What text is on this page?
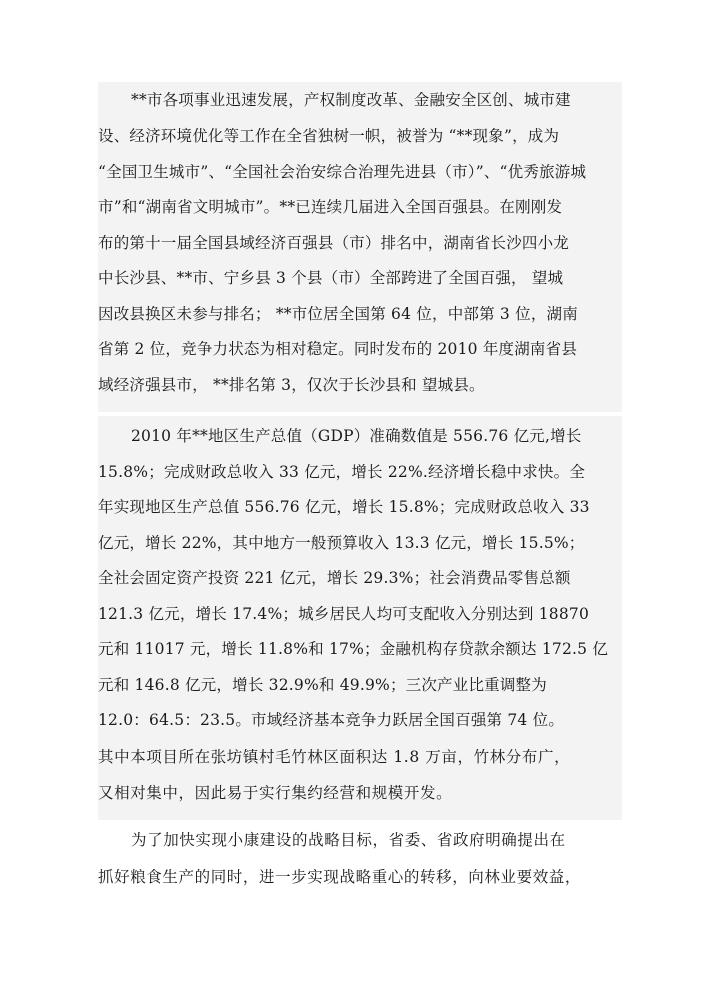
**市各项事业迅速发展，产权制度改革、金融安全区创、城市建
设、经济环境优化等工作在全省独树一帜，被誉为 “**现象”，成为
“全国卫生城市”、“全国社会治安综合治理先进县（市）”、“优秀旅游城
市”和“湖南省文明城市”。**已连续几届进入全国百强县。在刚刚发
布的第十一届全国县域经济百强县（市）排名中，湖南省长沙四小龙
中长沙县、**市、宁乡县 3 个县（市）全部跨进了全国百强， 望城
因改县换区未参与排名； **市位居全国第 64 位，中部第 3 位，湖南
省第 2 位，竞争力状态为相对稳定。同时发布的 2010 年度湖南省县
域经济强县市， **排名第 3，仅次于长沙县和 望城县。
2010 年**地区生产总值（GDP）准确数值是 556.76 亿元,增长
15.8%；完成财政总收入 33 亿元，增长 22%.经济增长稳中求快。全
年实现地区生产总值 556.76 亿元，增长 15.8%；完成财政总收入 33
亿元，增长 22%，其中地方一般预算收入 13.3 亿元，增长 15.5%；
全社会固定资产投资 221 亿元，增长 29.3%；社会消费品零售总额
121.3 亿元，增长 17.4%；城乡居民人均可支配收入分别达到 18870
元和 11017 元，增长 11.8%和 17%；金融机构存贷款余额达 172.5 亿
元和 146.8 亿元，增长 32.9%和 49.9%；三次产业比重调整为
12.0：64.5：23.5。市域经济基本竞争力跃居全国百强第 74 位。
其中本项目所在张坊镇村毛竹林区面积达 1.8 万亩，竹林分布广，
又相对集中，因此易于实行集约经营和规模开发。
为了加快实现小康建设的战略目标，省委、省政府明确提出在
抓好粮食生产的同时，进一步实现战略重心的转移，向林业要效益，
